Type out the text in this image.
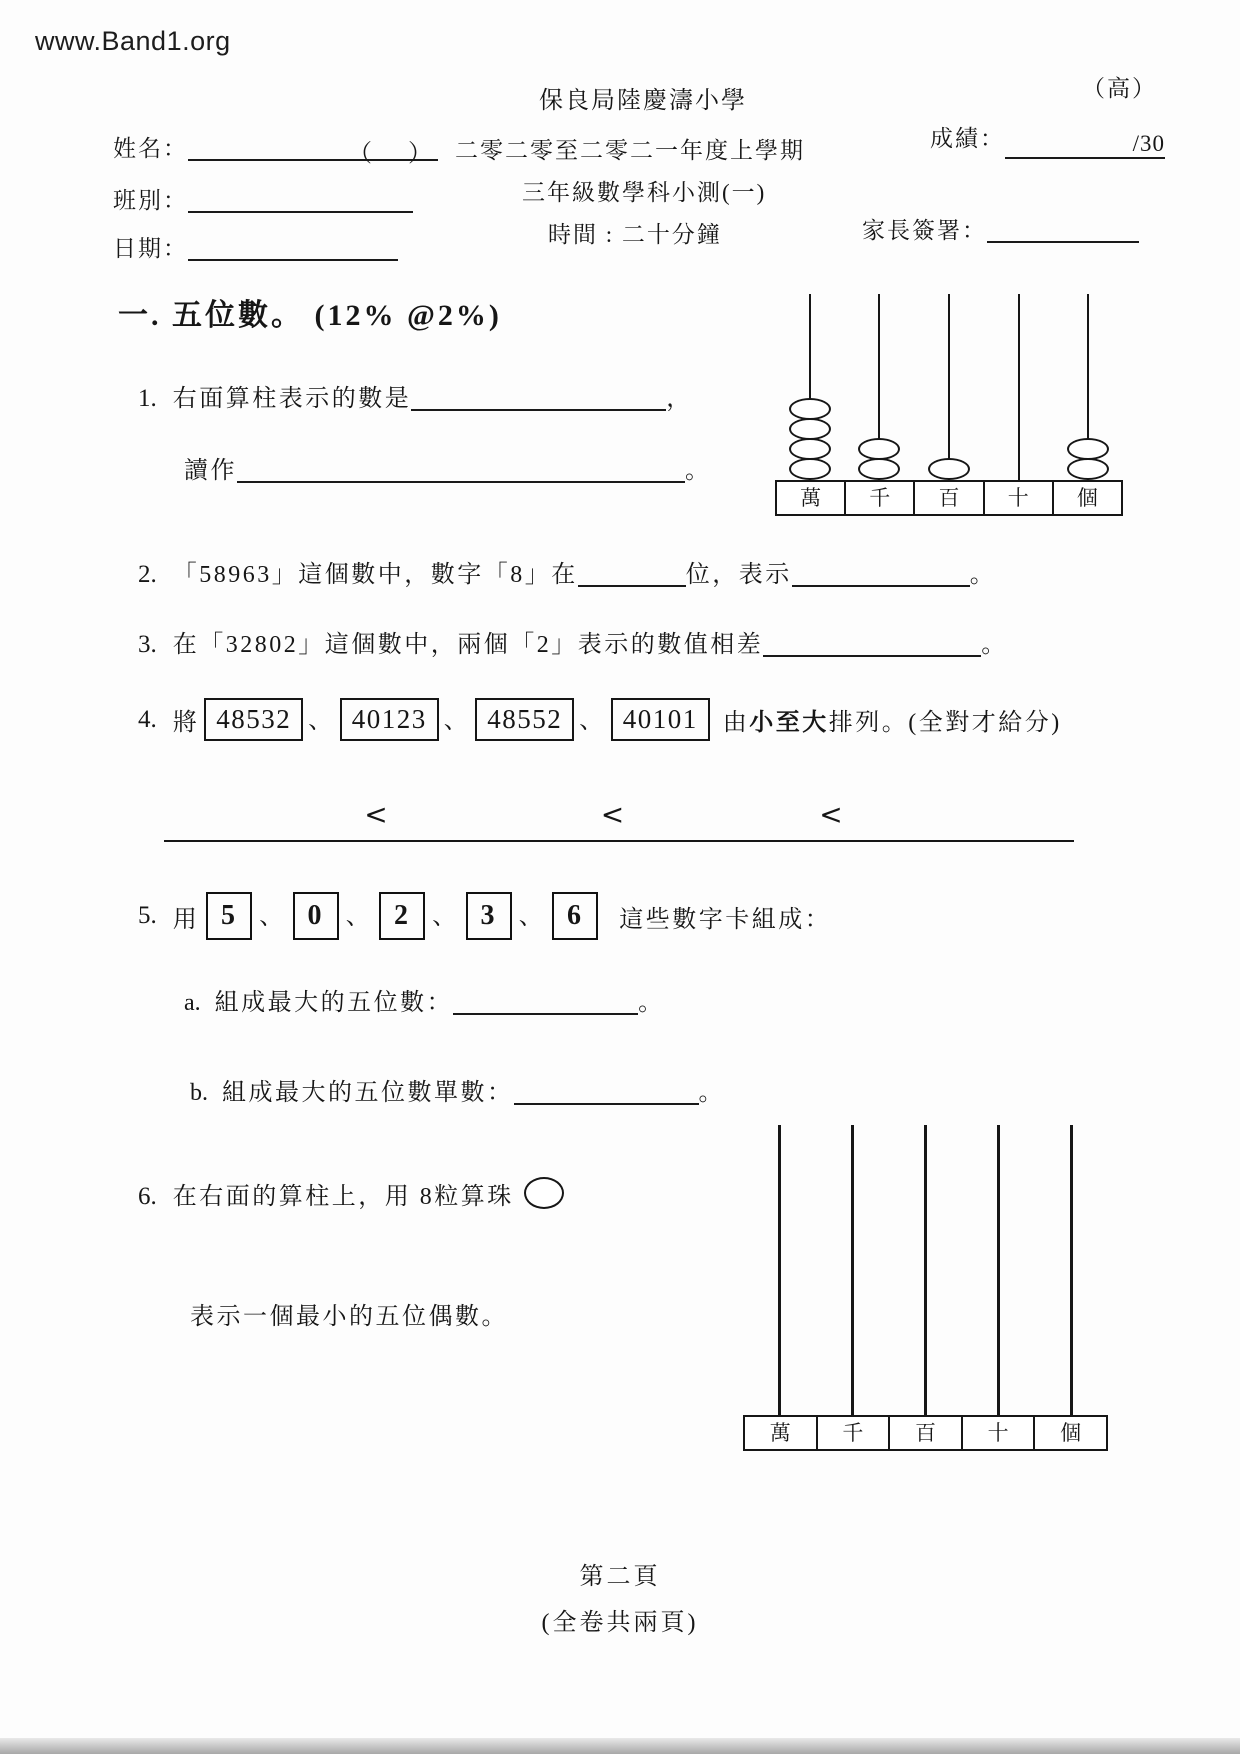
www.Band1.org
保良局陸慶濤小學	（高）
姓名：	（　） 二零二零至二零二一年度上學期	成績：	/30
班別：	三年級數學科小測(一)
日期：
時間 : 二十分鐘	家長簽署：
一. 五位數。 (12% @2%)
1. 右面算柱表示的數是	，
讀作	。
萬	千	百	十	個
2. 「58963」這個數中，數字「8」在	位，表示	。
3. 在「32802」這個數中，兩個「2」表示的數值相差	。
4. 將 48532 、 40123 、 48552 、 40101	由 小至大 排列。(全對才給分)
<	<	<
5. 用 5 、 0 、 2 、 3 、 6	這些數字卡組成：
a. 組成最大的五位數：	。
b. 組成最大的五位數單數：	。
6. 在右面的算柱上，用 8粒算珠
表示一個最小的五位偶數。
萬	千	百	十	個
第二頁
(全卷共兩頁)
